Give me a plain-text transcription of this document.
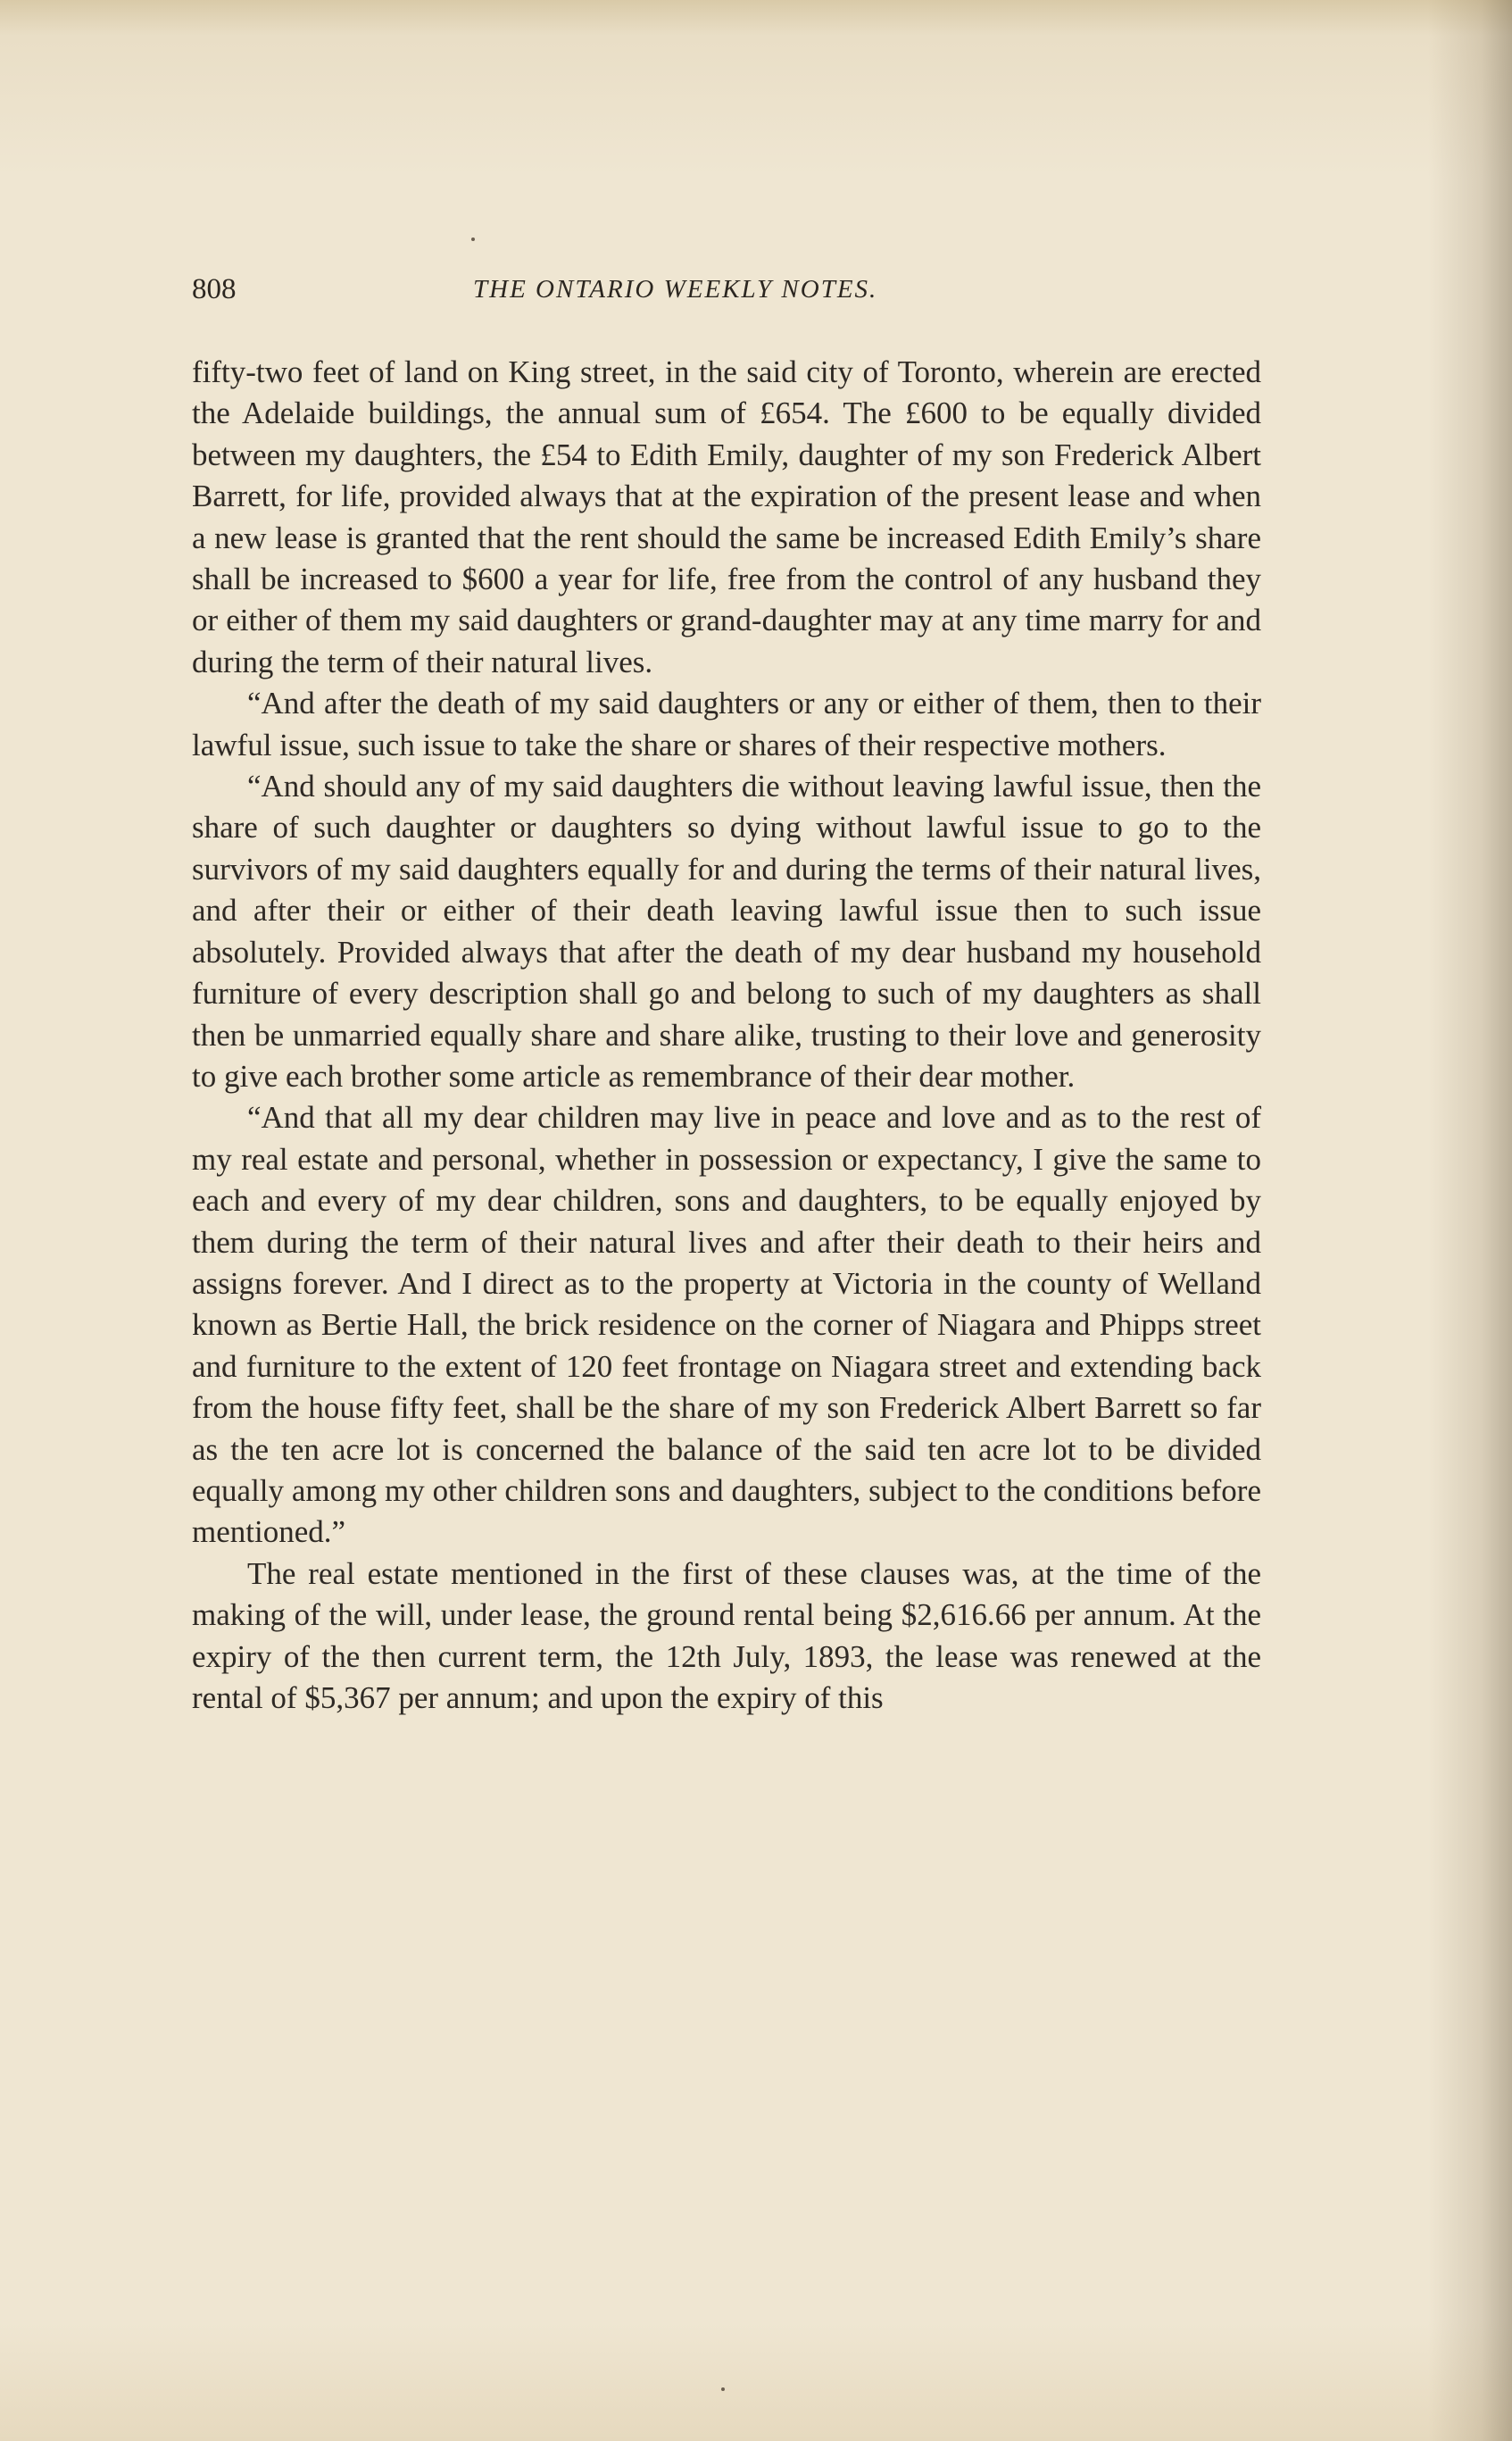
808	THE ONTARIO WEEKLY NOTES.

fifty-two feet of land on King street, in the said city of Toronto, wherein are erected the Adelaide buildings, the annual sum of £654. The £600 to be equally divided between my daughters, the £54 to Edith Emily, daughter of my son Frederick Albert Barrett, for life, provided always that at the expiration of the present lease and when a new lease is granted that the rent should the same be increased Edith Emily’s share shall be increased to $600 a year for life, free from the control of any husband they or either of them my said daughters or grand-daughter may at any time marry for and during the term of their natural lives.

“And after the death of my said daughters or any or either of them, then to their lawful issue, such issue to take the share or shares of their respective mothers.

“And should any of my said daughters die without leaving lawful issue, then the share of such daughter or daughters so dying without lawful issue to go to the survivors of my said daughters equally for and during the terms of their natural lives, and after their or either of their death leaving lawful issue then to such issue absolutely. Provided always that after the death of my dear husband my household furniture of every description shall go and belong to such of my daughters as shall then be unmarried equally share and share alike, trusting to their love and generosity to give each brother some article as remembrance of their dear mother.

“And that all my dear children may live in peace and love and as to the rest of my real estate and personal, whether in possession or expectancy, I give the same to each and every of my dear children, sons and daughters, to be equally enjoyed by them during the term of their natural lives and after their death to their heirs and assigns forever. And I direct as to the property at Victoria in the county of Welland known as Bertie Hall, the brick residence on the corner of Niagara and Phipps street and furniture to the extent of 120 feet frontage on Niagara street and extending back from the house fifty feet, shall be the share of my son Frederick Albert Barrett so far as the ten acre lot is concerned the balance of the said ten acre lot to be divided equally among my other children sons and daughters, subject to the conditions before mentioned.”

The real estate mentioned in the first of these clauses was, at the time of the making of the will, under lease, the ground rental being $2,616.66 per annum. At the expiry of the then current term, the 12th July, 1893, the lease was renewed at the rental of $5,367 per annum; and upon the expiry of this
